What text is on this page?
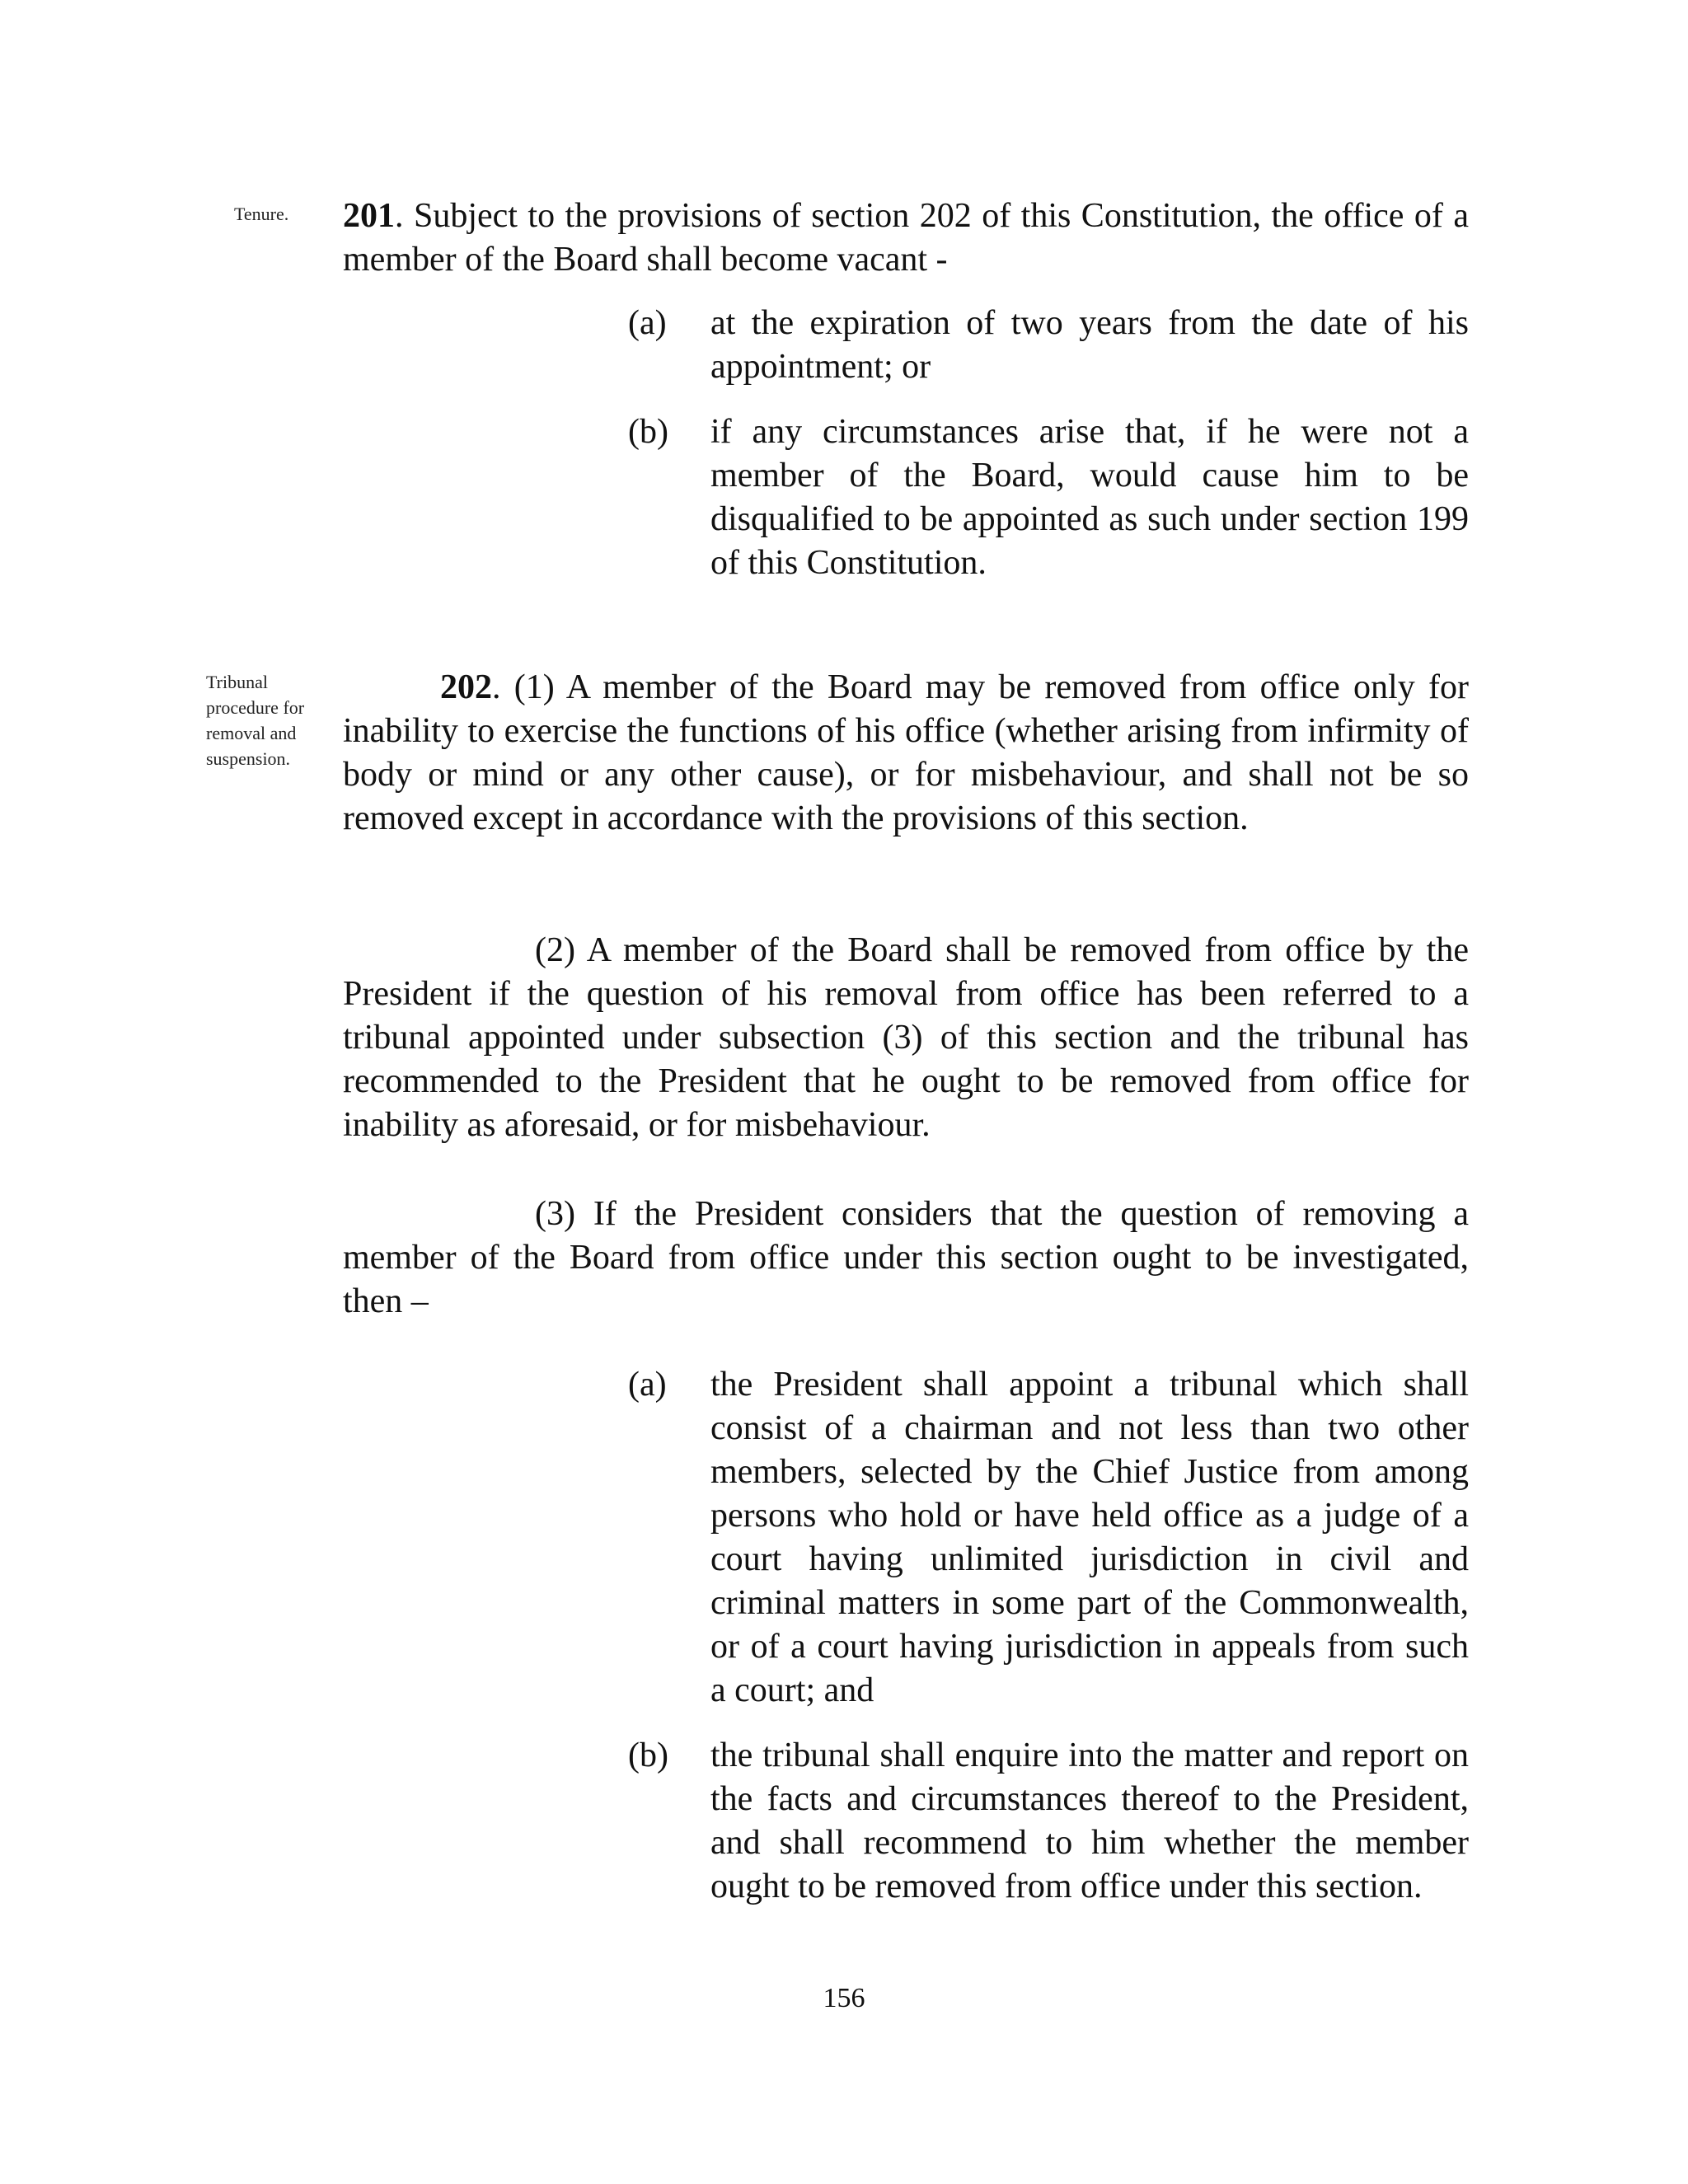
Tenure.	201. Subject to the provisions of section 202 of this Constitution, the office of a member of the Board shall become vacant -
(a) at the expiration of two years from the date of his appointment; or
(b) if any circumstances arise that, if he were not a member of the Board, would cause him to be disqualified to be appointed as such under section 199 of this Constitution.
Tribunal procedure for removal and suspension.
202. (1) A member of the Board may be removed from office only for inability to exercise the functions of his office (whether arising from infirmity of body or mind or any other cause), or for misbehaviour, and shall not be so removed except in accordance with the provisions of this section.
(2) A member of the Board shall be removed from office by the President if the question of his removal from office has been referred to a tribunal appointed under subsection (3) of this section and the tribunal has recommended to the President that he ought to be removed from office for inability as aforesaid, or for misbehaviour.
(3) If the President considers that the question of removing a member of the Board from office under this section ought to be investigated, then –
(a) the President shall appoint a tribunal which shall consist of a chairman and not less than two other members, selected by the Chief Justice from among persons who hold or have held office as a judge of a court having unlimited jurisdiction in civil and criminal matters in some part of the Commonwealth, or of a court having jurisdiction in appeals from such a court; and
(b) the tribunal shall enquire into the matter and report on the facts and circumstances thereof to the President, and shall recommend to him whether the member ought to be removed from office under this section.
156
